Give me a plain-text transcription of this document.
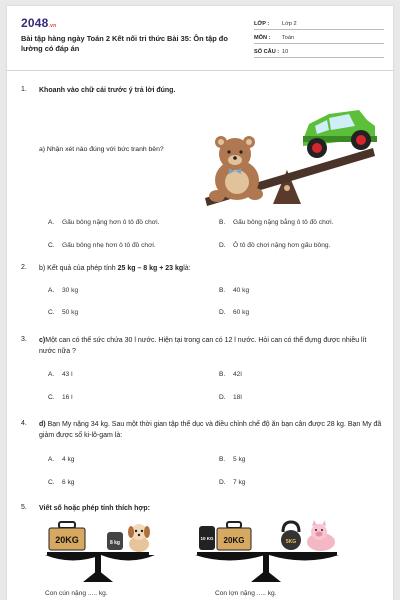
2048.vn
Bài tập hàng ngày Toán 2 Kết nối tri thức Bài 35: Ôn tập đo lường có đáp án
LỚP :	Lớp 2
MÔN :	Toán
SỐ CÂU : 10
1. Khoanh vào chữ cái trước ý trả lời đúng.
a) Nhận xét nào đúng với bức tranh bên?
A. Gấu bông nặng hơn ô tô đồ chơi.	B. Gấu bông nặng bằng ô tô đồ chơi.
C. Gấu bông nhẹ hơn ô tô đồ chơi.	D. Ô tô đồ chơi nặng hơn gấu bông.
2. b) Kết quả của phép tính 25 kg – 8 kg + 23 kglà:
A. 30 kg	B. 40 kg
C. 50 kg	D. 60 kg
3. c)Một can có thể sức chứa 30 l nước. Hiện tại trong can có 12 l nước. Hỏi can có thể đựng được nhiều lít nước nữa ?
A. 43 l	B. 42l
C. 16 l	D. 18l
4. d) Bạn My nặng 34 kg. Sau một thời gian tập thể dục và điều chỉnh chế độ ăn bạn cân được 28 kg. Bạn My đã giảm được số ki-lô-gam là:
A. 4 kg	B. 5 kg
C. 6 kg	D. 7 kg
5. Viết số hoặc phép tính thích hợp:
20KG	8 kg
10 KG 20KG	5KG
Con cún nặng ..... kg.	Con lợn nặng ..... kg.
